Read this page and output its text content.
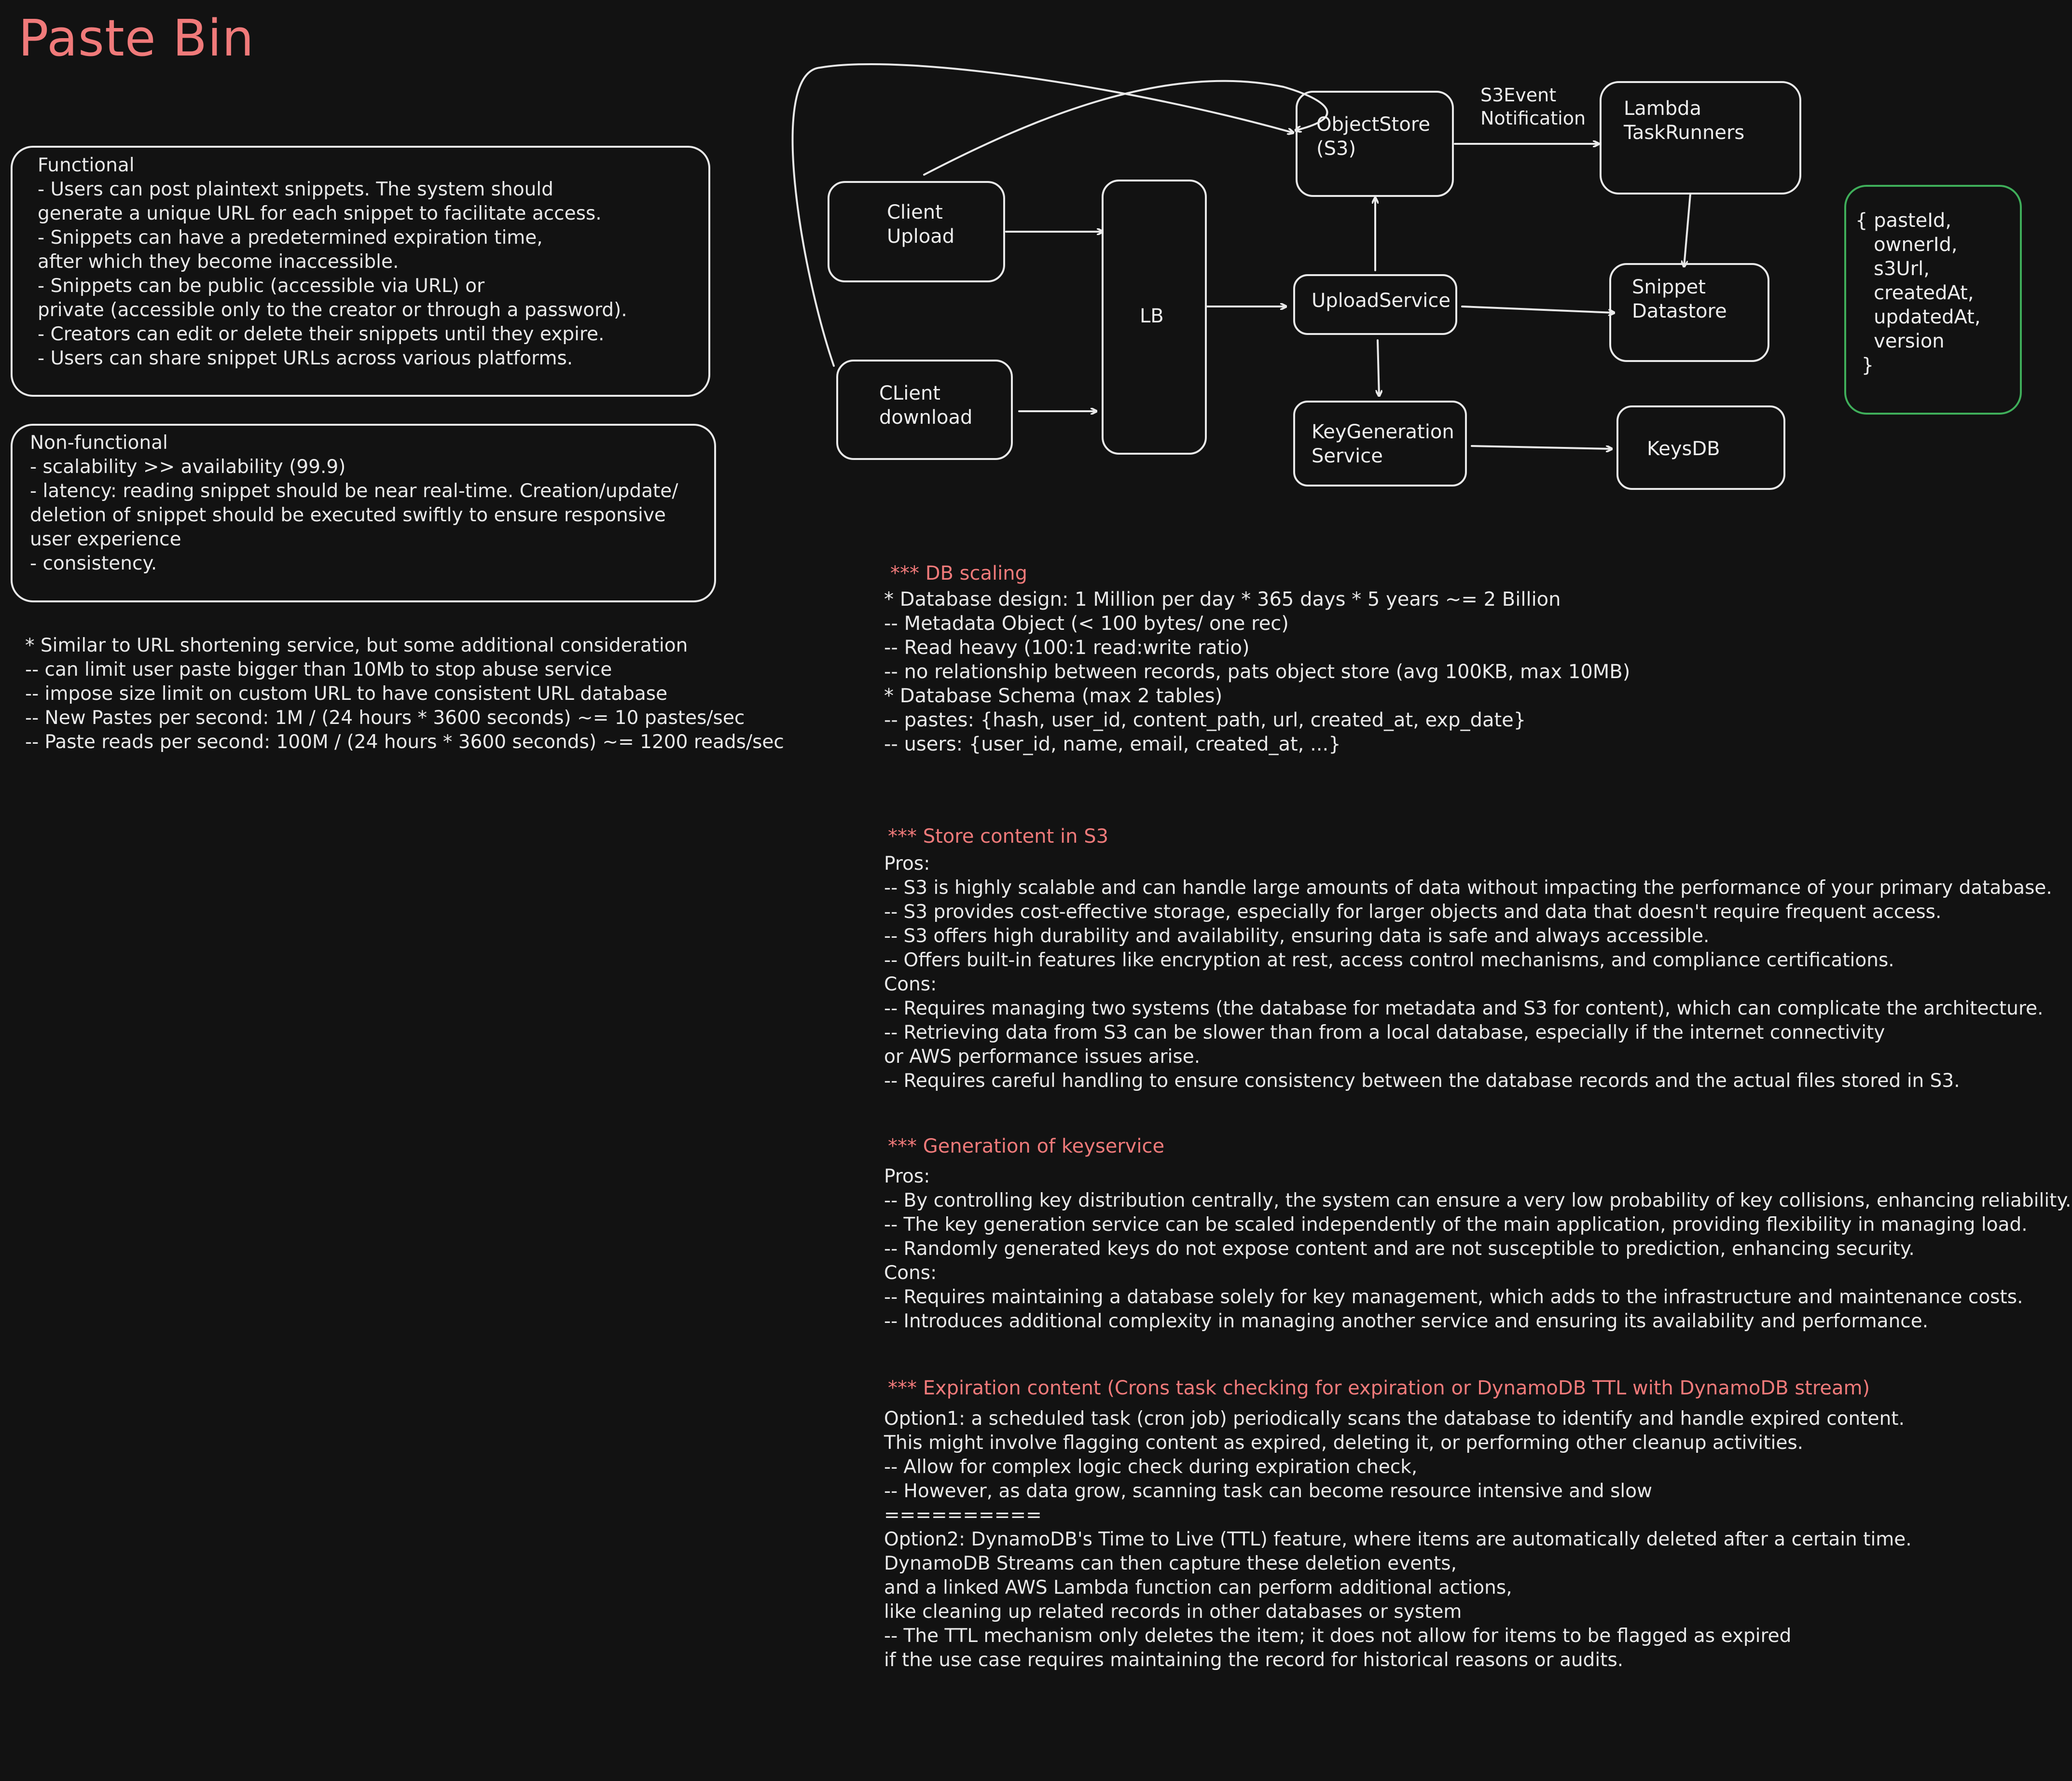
Paste Bin
Functional
- Users can post plaintext snippets. The system should
generate a unique URL for each snippet to facilitate access.
- Snippets can have a predetermined expiration time,
after which they become inaccessible.
- Snippets can be public (accessible via URL) or
private (accessible only to the creator or through a password).
- Creators can edit or delete their snippets until they expire.
- Users can share snippet URLs across various platforms.
Non-functional
- scalability >> availability (99.9)
- latency: reading snippet should be near real-time. Creation/update/
deletion of snippet should be executed swiftly to ensure responsive
user experience
- consistency.
* Similar to URL shortening service, but some additional consideration
-- can limit user paste bigger than 10Mb to stop abuse service
-- impose size limit on custom URL to have consistent URL database
-- New Pastes per second: 1M / (24 hours * 3600 seconds) ~= 10 pastes/sec
-- Paste reads per second: 100M / (24 hours * 3600 seconds) ~= 1200 reads/sec
Client
Upload
CLient
download
LB
ObjectStore
(S3)
UploadService
KeyGeneration
Service
Lambda
TaskRunners
Snippet
Datastore
KeysDB
S3Event
Notification
{ pasteId,
ownerId,
s3Url,
createdAt,
updatedAt,
version
}
*** DB scaling
* Database design: 1 Million per day * 365 days * 5 years ~= 2 Billion
-- Metadata Object (< 100 bytes/ one rec)
-- Read heavy (100:1 read:write ratio)
-- no relationship between records, pats object store (avg 100KB, max 10MB)
* Database Schema (max 2 tables)
-- pastes: {hash, user_id, content_path, url, created_at, exp_date}
-- users: {user_id, name, email, created_at, ...}
*** Store content in S3
Pros:
-- S3 is highly scalable and can handle large amounts of data without impacting the performance of your primary database.
-- S3 provides cost-effective storage, especially for larger objects and data that doesn't require frequent access.
-- S3 offers high durability and availability, ensuring data is safe and always accessible.
-- Offers built-in features like encryption at rest, access control mechanisms, and compliance certifications.
Cons:
-- Requires managing two systems (the database for metadata and S3 for content), which can complicate the architecture.
-- Retrieving data from S3 can be slower than from a local database, especially if the internet connectivity
or AWS performance issues arise.
-- Requires careful handling to ensure consistency between the database records and the actual files stored in S3.
*** Generation of keyservice
Pros:
-- By controlling key distribution centrally, the system can ensure a very low probability of key collisions, enhancing reliability.
-- The key generation service can be scaled independently of the main application, providing flexibility in managing load.
-- Randomly generated keys do not expose content and are not susceptible to prediction, enhancing security.
Cons:
-- Requires maintaining a database solely for key management, which adds to the infrastructure and maintenance costs.
-- Introduces additional complexity in managing another service and ensuring its availability and performance.
*** Expiration content (Crons task checking for expiration or DynamoDB TTL with DynamoDB stream)
Option1: a scheduled task (cron job) periodically scans the database to identify and handle expired content.
This might involve flagging content as expired, deleting it, or performing other cleanup activities.
-- Allow for complex logic check during expiration check,
-- However, as data grow, scanning task can become resource intensive and slow
==========
Option2: DynamoDB's Time to Live (TTL) feature, where items are automatically deleted after a certain time.
DynamoDB Streams can then capture these deletion events,
and a linked AWS Lambda function can perform additional actions,
like cleaning up related records in other databases or system
-- The TTL mechanism only deletes the item; it does not allow for items to be flagged as expired
if the use case requires maintaining the record for historical reasons or audits.
